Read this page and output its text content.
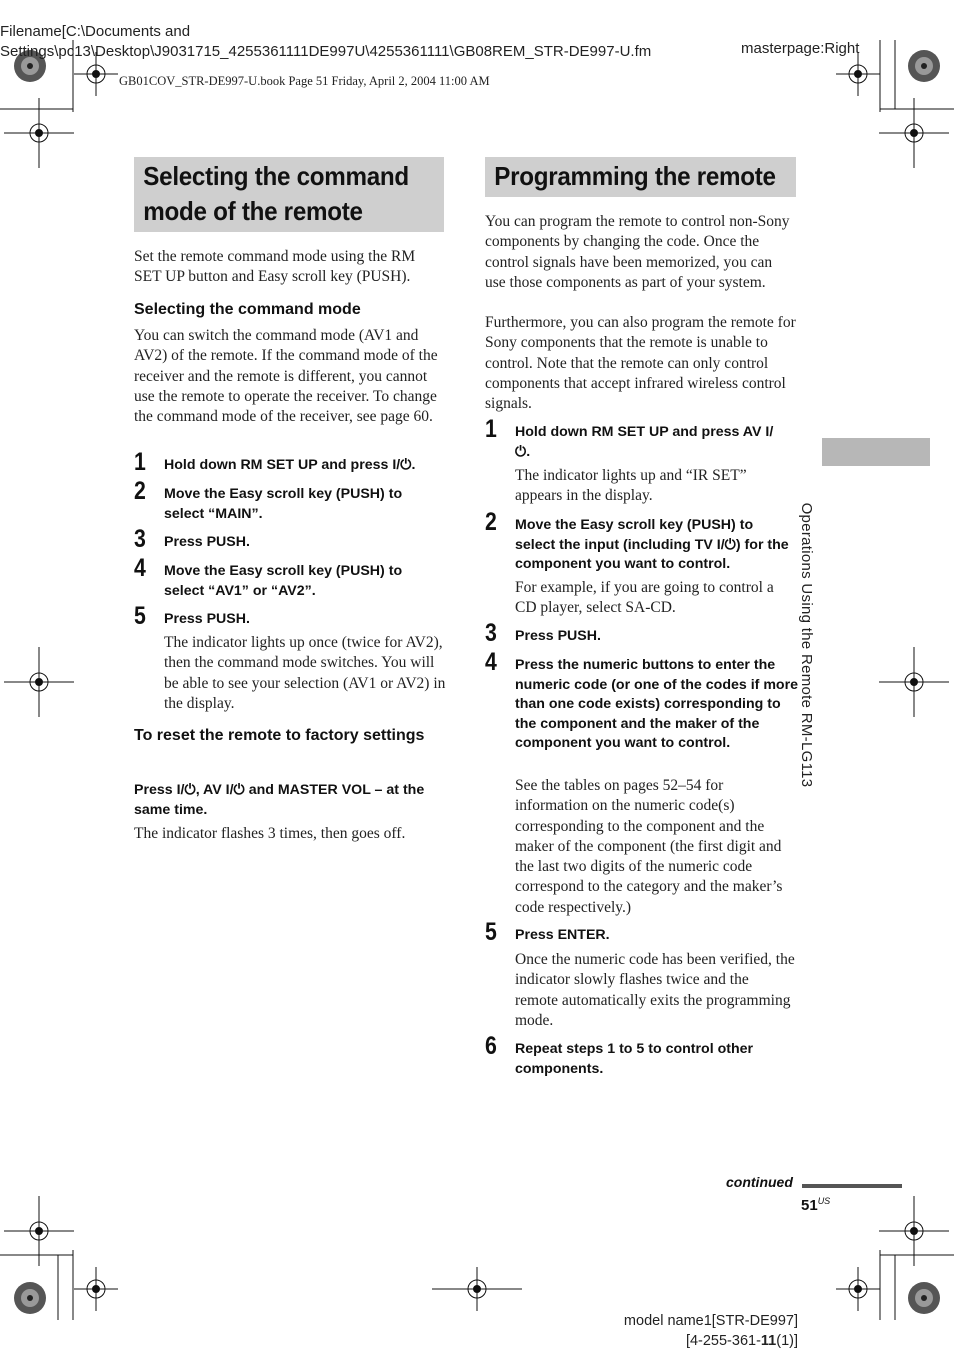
Filename[C:\Documents and Settings\pc13\Desktop\J9031715_4255361111DE997U\4255361111\GB08REM_STR-DE997-U.fm	masterpage:Right
GB01COV_STR-DE997-U.book Page 51 Friday, April 2, 2004 11:00 AM
Selecting the command mode of the remote

Set the remote command mode using the RM SET UP button and Easy scroll key (PUSH).

Selecting the command mode

You can switch the command mode (AV1 and AV2) of the remote. If the command mode of the receiver and the remote is different, you cannot use the remote to operate the receiver. To change the command mode of the receiver, see page 60.

1 Hold down RM SET UP and press I/⏻.

2 Move the Easy scroll key (PUSH) to select “MAIN”.

3 Press PUSH.

4 Move the Easy scroll key (PUSH) to select “AV1” or “AV2”.

5 Press PUSH.

The indicator lights up once (twice for AV2), then the command mode switches. You will be able to see your selection (AV1 or AV2) in the display.

To reset the remote to factory settings

Press I/⏻, AV I/⏻ and MASTER VOL – at the same time.

The indicator flashes 3 times, then goes off.

Programming the remote

You can program the remote to control non-Sony components by changing the code. Once the control signals have been memorized, you can use those components as part of your system.

Furthermore, you can also program the remote for Sony components that the remote is unable to control. Note that the remote can only control components that accept infrared wireless control signals.

1 Hold down RM SET UP and press AV I/⏻.

The indicator lights up and “IR SET” appears in the display.

2 Move the Easy scroll key (PUSH) to select the input (including TV I/⏻) for the component you want to control.

For example, if you are going to control a CD player, select SA-CD.

3 Press PUSH.

4 Press the numeric buttons to enter the numeric code (or one of the codes if more than one code exists) corresponding to the component and the maker of the component you want to control.

See the tables on pages 52–54 for information on the numeric code(s) corresponding to the component and the maker of the component (the first digit and the last two digits of the numeric code correspond to the category and the maker’s code respectively.)

5 Press ENTER.

Once the numeric code has been verified, the indicator slowly flashes twice and the remote automatically exits the programming mode.

6 Repeat steps 1 to 5 to control other components.

Operations Using the Remote RM-LG113
continued
$51^{US}$
model name1[STR-DE997]
[4-255-361-11(1)]
